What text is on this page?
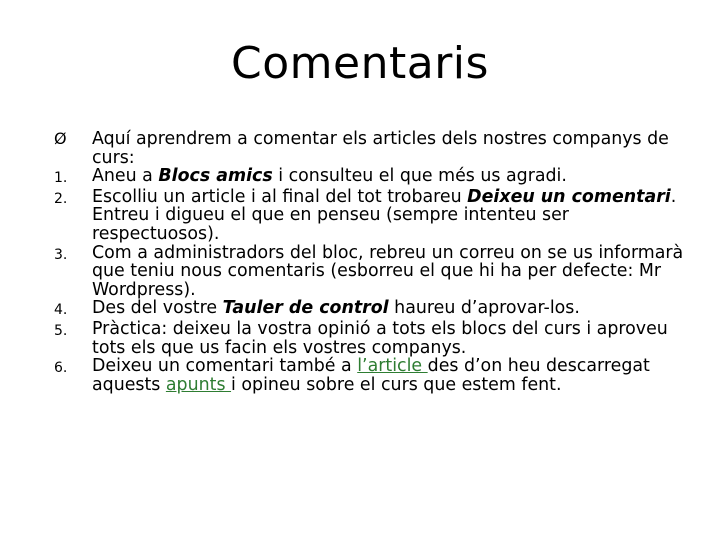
Comentaris
Ø	Aquí aprendrem a comentar els articles dels nostres companys de curs:
1.	Aneu a Blocs amics i consulteu el que més us agradi.
2.	Escolliu un article i al final del tot trobareu Deixeu un comentari. Entreu i digueu el que en penseu (sempre intenteu ser respectuosos).
3.	Com a administradors del bloc, rebreu un correu on se us informarà que teniu nous comentaris (esborreu el que hi ha per defecte: Mr Wordpress).
4.	Des del vostre Tauler de control haureu d’aprovar-los.
5.	Pràctica: deixeu la vostra opinió a tots els blocs del curs i aproveu tots els que us facin els vostres companys.
6.	Deixeu un comentari també a l’article des d’on heu descarregat aquests apunts i opineu sobre el curs que estem fent.
